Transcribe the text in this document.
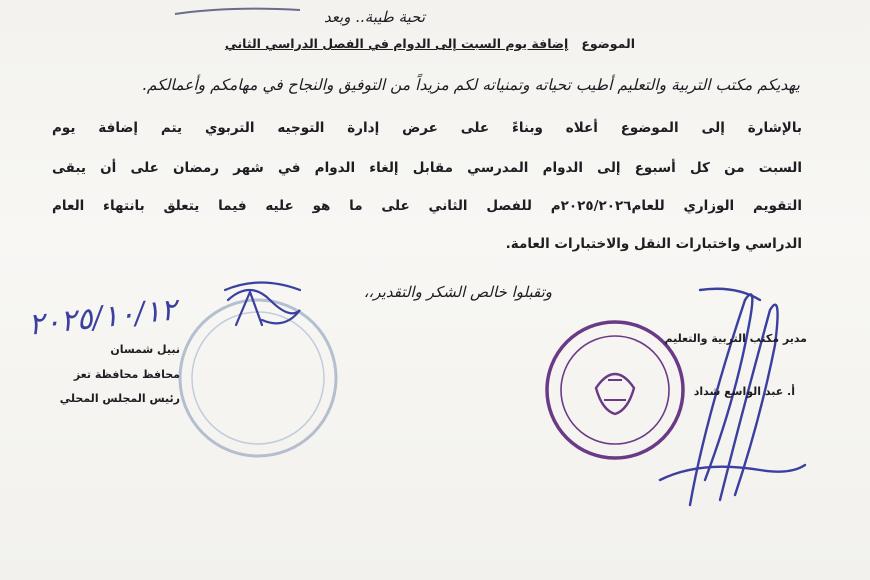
تحية طيبة.. وبعد
الموضوع   إضافة يوم السبت إلى الدوام في الفصل الدراسي الثاني
يهديكم مكتب التربية والتعليم أطيب تحياته وتمنياته لكم مزيداً من التوفيق والنجاح في مهامكم وأعمالكم.
بالإشارة إلى الموضوع أعلاه وبناءً على عرض إدارة التوجيه التربوي يتم إضافة يوم
السبت من كل أسبوع إلى الدوام المدرسي مقابل إلغاء الدوام في شهر رمضان على أن يبقى
التقويم الوزاري للعام٢٠٢٥/٢٠٢٦م للفصل الثاني على ما هو عليه فيما يتعلق بانتهاء العام
الدراسي واختبارات النقل والاختبارات العامة.
وتقبلوا خالص الشكر والتقدير،،
نبيل شمسان
محافظ محافظة تعز
رئيس المجلس المحلي
مدير مكتب التربية والتعليم
أ. عبد الواسع شداد
٢٠٢٥/١٠/١٢
